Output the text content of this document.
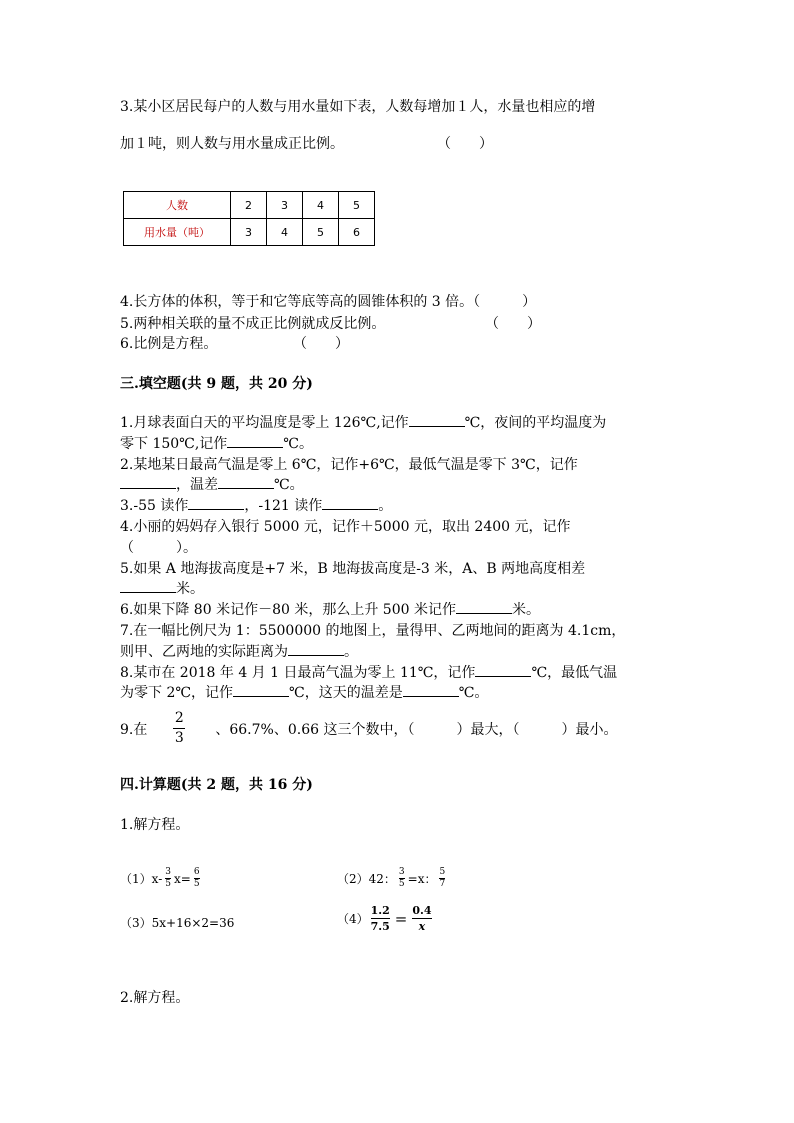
3.某小区居民每户的人数与用水量如下表，人数每增加１人，水量也相应的增
加１吨，则人数与用水量成正比例。	（　　）
人数	2	3	4	5
用水量（吨）	3	4	5	6
4.长方体的体积，等于和它等底等高的圆锥体积的 3 倍。（　　　）
5.两种相关联的量不成正比例就成反比例。	（　　）
6.比例是方程。	（　　）
三.填空题(共 9 题，共 20 分)
1.月球表面白天的平均温度是零上 126℃,记作	℃，夜间的平均温度为
零下 150℃,记作	℃。
2.某地某日最高气温是零上 6℃，记作+6℃，最低气温是零下 3℃，记作
，温差	℃。
3.-55 读作	，-121 读作	。
4.小丽的妈妈存入银行 5000 元，记作＋5000 元，取出 2400 元，记作
（　　　）。
5.如果 A 地海拔高度是+7 米，B 地海拔高度是-3 米，A、B 两地高度相差
米。
6.如果下降 80 米记作－80 米，那么上升 500 米记作	米。
7.在一幅比例尺为 1：5500000 的地图上，量得甲、乙两地间的距离为 4.1cm，
则甲、乙两地的实际距离为	。
8.某市在 2018 年 4 月 1 日最高气温为零上 11℃，记作	℃，最低气温
为零下 2℃，记作	℃，这天的温差是	℃。
9.在
2
3
、66.7%、0.66 这三个数中，（　　　）最大，（　　　）最小。
四.计算题(共 2 题，共 16 分)
1.解方程。
$(1)x- \frac{3}{5} x= \frac{6}{5}$	（2）42： $\frac{3}{5} =x$： $\frac{5}{7}$
（3）5x+16×2=36	（4）
1.2
7.5 = 0.4
x
2.解方程。
